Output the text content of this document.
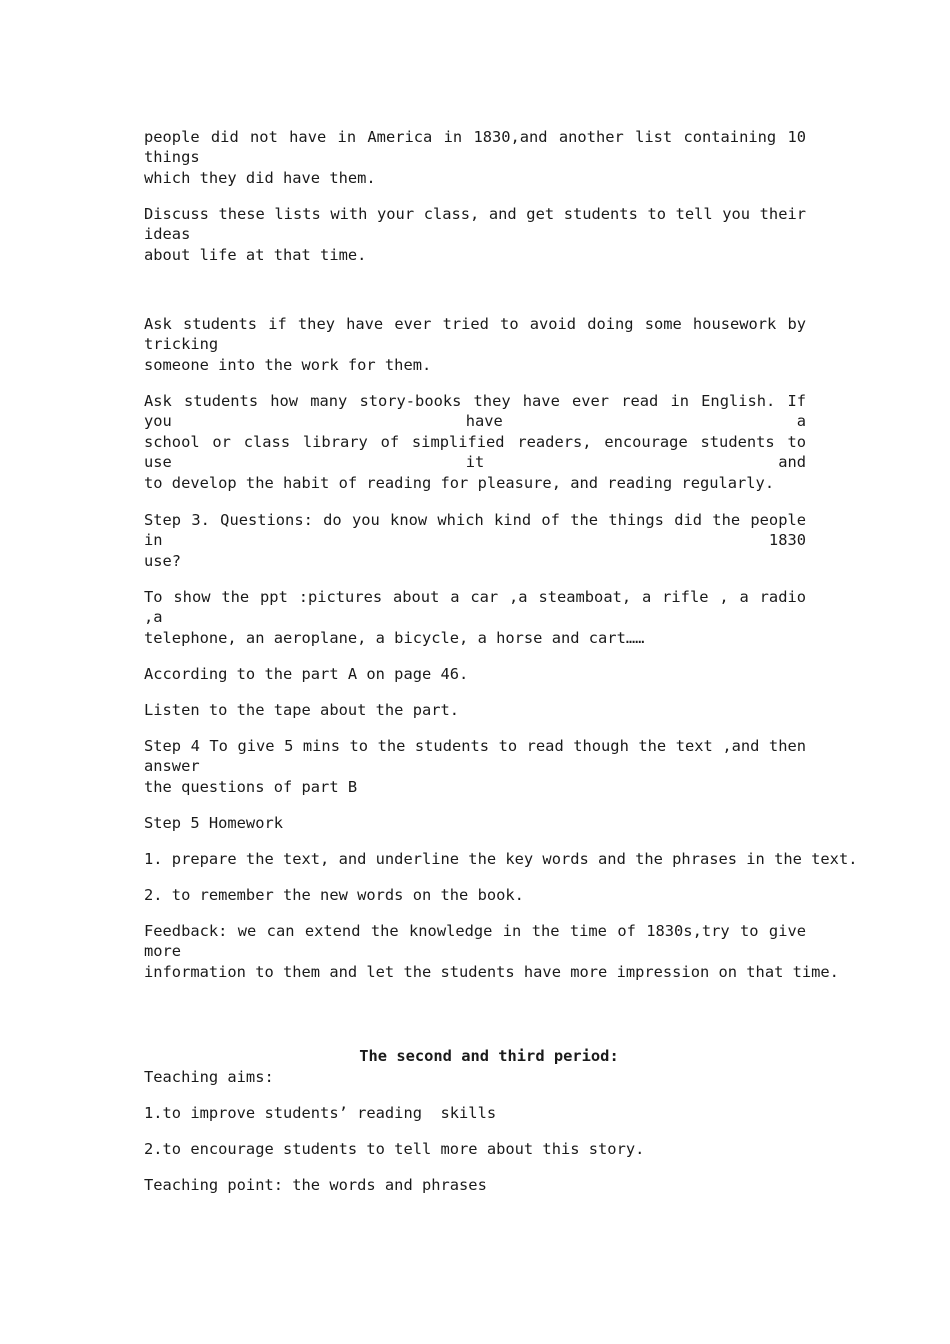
people did not have in America in 1830,and another list containing 10 things

which they did have them.

Discuss these lists with your class, and get students to tell you their ideas

about life at that time.

Ask students if they have ever tried to avoid doing some housework by tricking

someone into the work for them.

Ask students how many story-books they have ever read in English. If you have a

school or class library of simplified readers, encourage students to use it and

to develop the habit of reading for pleasure, and reading regularly.

Step 3. Questions: do you know which kind of the things did the people in 1830

use?

To show the ppt :pictures about a car ,a steamboat, a rifle , a radio ,a

telephone, an aeroplane, a bicycle, a horse and cart……

According to the part A on page 46.

Listen to the tape about the part.

Step 4 To give 5 mins to the students to read though the text ,and then answer

the questions of part B

Step 5 Homework

1. prepare the text, and underline the key words and the phrases in the text.

2. to remember the new words on the book.

Feedback: we can extend the knowledge in the time of 1830s,try to give more

information to them and let the students have more impression on that time.

The second and third period:

Teaching aims:

1.to improve students’ reading  skills

2.to encourage students to tell more about this story.

Teaching point: the words and phrases
